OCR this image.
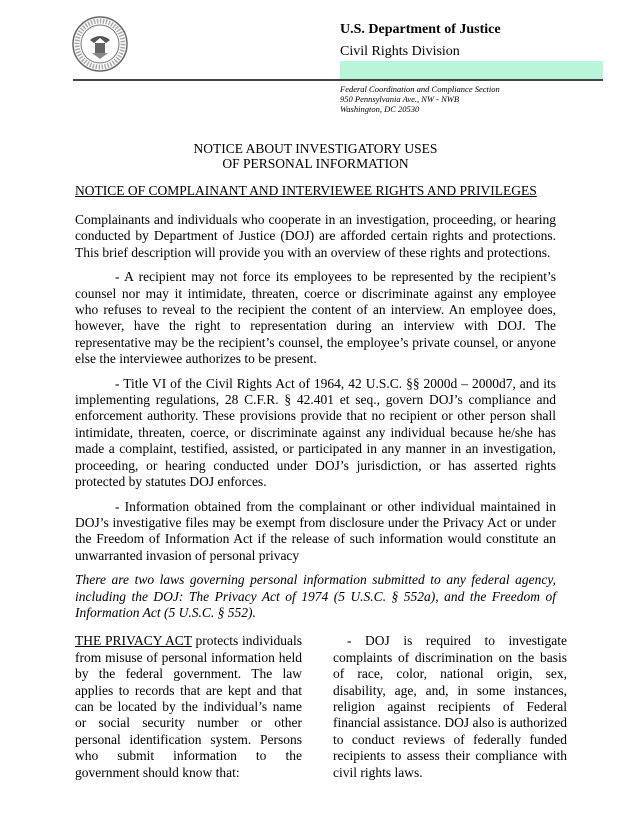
U.S. Department of Justice
Civil Rights Division
Federal Coordination and Compliance Section
950 Pennsylvania Ave., NW - NWB
Washington, DC 20530
NOTICE ABOUT INVESTIGATORY USES
OF PERSONAL INFORMATION
NOTICE OF COMPLAINANT AND INTERVIEWEE RIGHTS AND PRIVILEGES
Complainants and individuals who cooperate in an investigation, proceeding, or hearing conducted by Department of Justice (DOJ) are afforded certain rights and protections. This brief description will provide you with an overview of these rights and protections.
- A recipient may not force its employees to be represented by the recipient’s counsel nor may it intimidate, threaten, coerce or discriminate against any employee who refuses to reveal to the recipient the content of an interview. An employee does, however, have the right to representation during an interview with DOJ. The representative may be the recipient’s counsel, the employee’s private counsel, or anyone else the interviewee authorizes to be present.
- Title VI of the Civil Rights Act of 1964, 42 U.S.C. §§ 2000d – 2000d7, and its implementing regulations, 28 C.F.R. § 42.401 et seq., govern DOJ’s compliance and enforcement authority. These provisions provide that no recipient or other person shall intimidate, threaten, coerce, or discriminate against any individual because he/she has made a complaint, testified, assisted, or participated in any manner in an investigation, proceeding, or hearing conducted under DOJ’s jurisdiction, or has asserted rights protected by statutes DOJ enforces.
- Information obtained from the complainant or other individual maintained in DOJ’s investigative files may be exempt from disclosure under the Privacy Act or under the Freedom of Information Act if the release of such information would constitute an unwarranted invasion of personal privacy
There are two laws governing personal information submitted to any federal agency, including the DOJ: The Privacy Act of 1974 (5 U.S.C. § 552a), and the Freedom of Information Act (5 U.S.C. § 552).
THE PRIVACY ACT protects individuals from misuse of personal information held by the federal government. The law applies to records that are kept and that can be located by the individual’s name or social security number or other personal identification system. Persons who submit information to the government should know that:
- DOJ is required to investigate complaints of discrimination on the basis of race, color, national origin, sex, disability, age, and, in some instances, religion against recipients of Federal financial assistance. DOJ also is authorized to conduct reviews of federally funded recipients to assess their compliance with civil rights laws.
